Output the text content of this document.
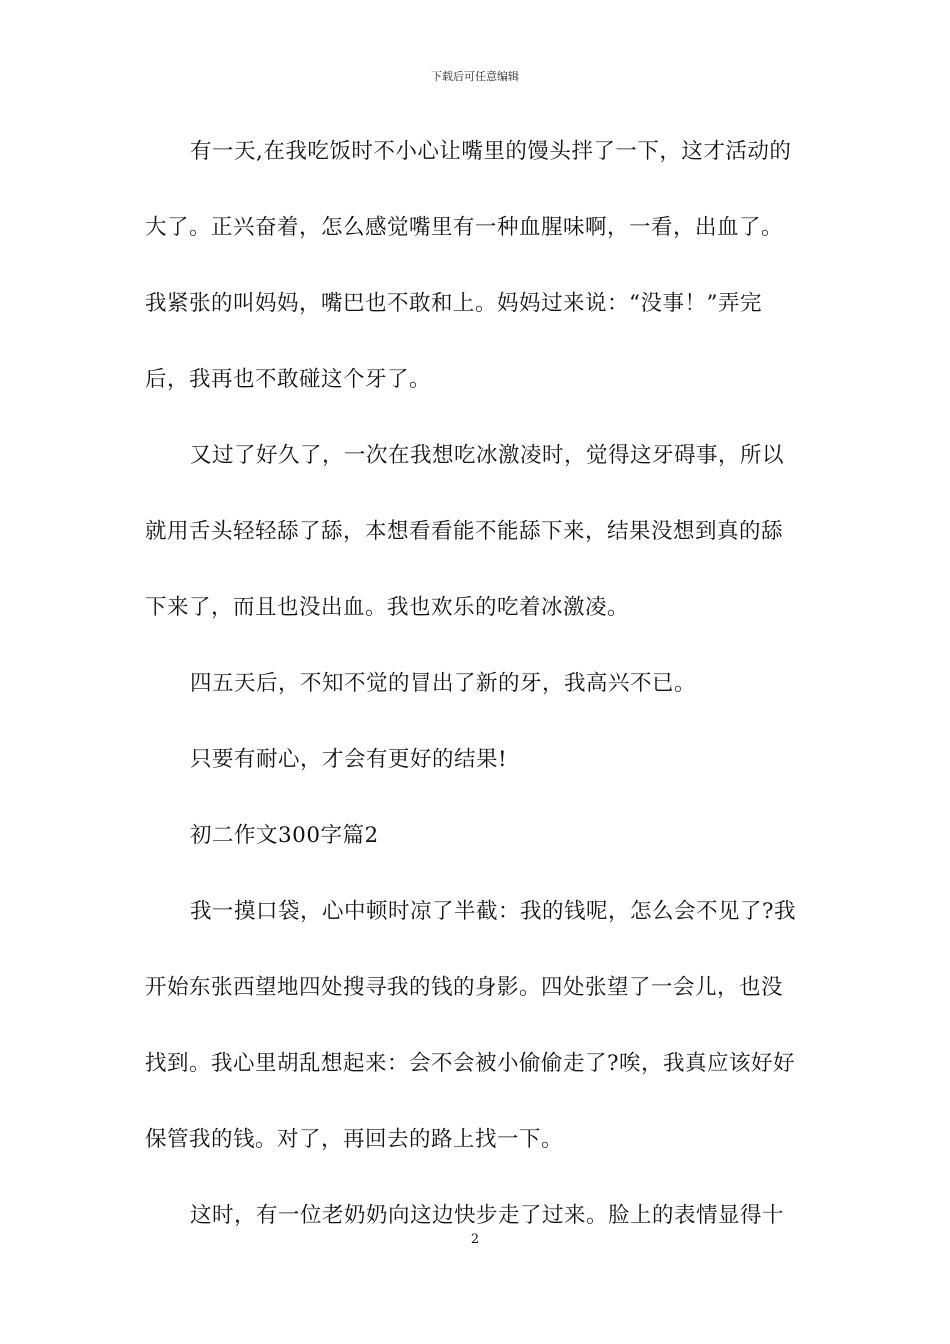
下载后可任意编辑
有一天,在我吃饭时不小心让嘴里的馒头拌了一下，这才活动的
大了。正兴奋着，怎么感觉嘴里有一种血腥味啊，一看，出血了。
我紧张的叫妈妈，嘴巴也不敢和上。妈妈过来说：“没事！”弄完
后，我再也不敢碰这个牙了。
又过了好久了，一次在我想吃冰激凌时，觉得这牙碍事，所以
就用舌头轻轻舔了舔，本想看看能不能舔下来，结果没想到真的舔
下来了，而且也没出血。我也欢乐的吃着冰激凌。
四五天后，不知不觉的冒出了新的牙，我高兴不已。
只要有耐心，才会有更好的结果!
初二作文300字篇2
我一摸口袋，心中顿时凉了半截：我的钱呢，怎么会不见了?我
开始东张西望地四处搜寻我的钱的身影。四处张望了一会儿，也没
找到。我心里胡乱想起来：会不会被小偷偷走了?唉，我真应该好好
保管我的钱。对了，再回去的路上找一下。
这时，有一位老奶奶向这边快步走了过来。脸上的表情显得十
2
